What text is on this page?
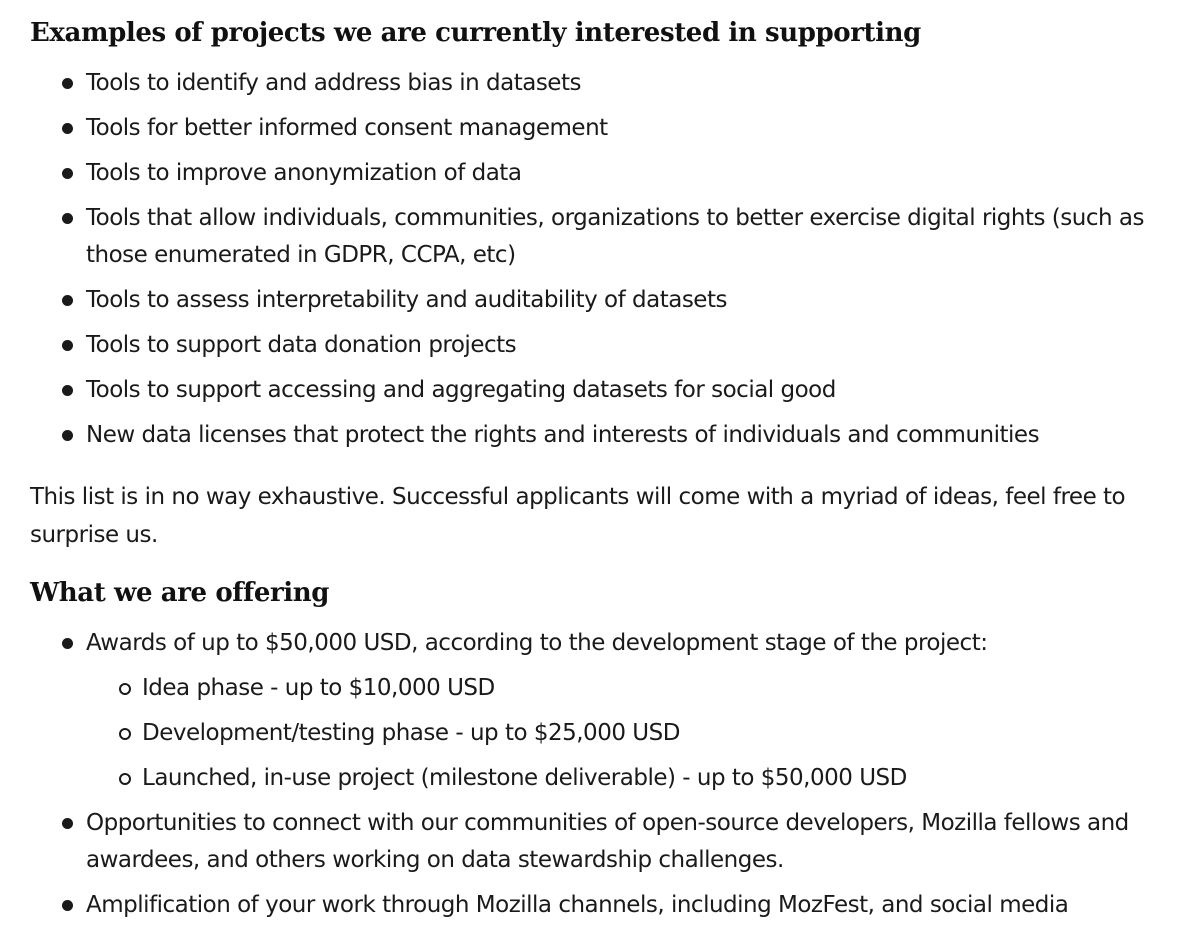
Examples of projects we are currently interested in supporting
Tools to identify and address bias in datasets
Tools for better informed consent management
Tools to improve anonymization of data
Tools that allow individuals, communities, organizations to better exercise digital rights (such as those enumerated in GDPR, CCPA, etc)
Tools to assess interpretability and auditability of datasets
Tools to support data donation projects
Tools to support accessing and aggregating datasets for social good
New data licenses that protect the rights and interests of individuals and communities

This list is in no way exhaustive. Successful applicants will come with a myriad of ideas, feel free to surprise us.

What we are offering
Awards of up to $50,000 USD, according to the development stage of the project:
Idea phase - up to $10,000 USD
Development/testing phase - up to $25,000 USD
Launched, in-use project (milestone deliverable) - up to $50,000 USD
Opportunities to connect with our communities of open-source developers, Mozilla fellows and awardees, and others working on data stewardship challenges.
Amplification of your work through Mozilla channels, including MozFest, and social media
